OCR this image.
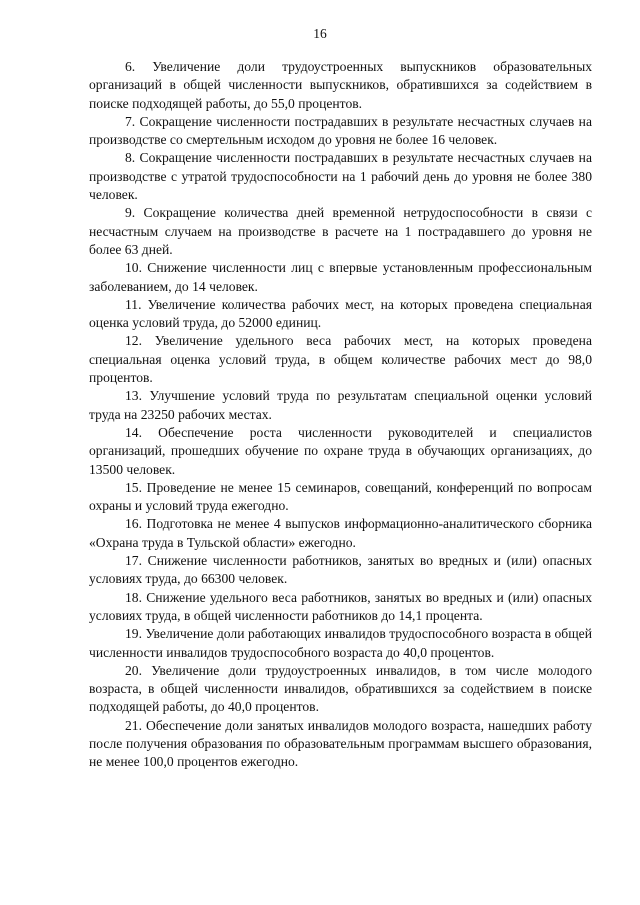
16

6. Увеличение доли трудоустроенных выпускников образовательных организаций в общей численности выпускников, обратившихся за содействием в поиске подходящей работы, до 55,0 процентов.

7. Сокращение численности пострадавших в результате несчастных случаев на производстве со смертельным исходом до уровня не более 16 человек.

8. Сокращение численности пострадавших в результате несчастных случаев на производстве с утратой трудоспособности на 1 рабочий день до уровня не более 380 человек.

9. Сокращение количества дней временной нетрудоспособности в связи с несчастным случаем на производстве в расчете на 1 пострадавшего до уровня не более 63 дней.

10. Снижение численности лиц с впервые установленным профессиональным заболеванием, до 14 человек.

11. Увеличение количества рабочих мест, на которых проведена специальная оценка условий труда, до 52000 единиц.

12. Увеличение удельного веса рабочих мест, на которых проведена специальная оценка условий труда, в общем количестве рабочих мест до 98,0 процентов.

13. Улучшение условий труда по результатам специальной оценки условий труда на 23250 рабочих местах.

14. Обеспечение роста численности руководителей и специалистов организаций, прошедших обучение по охране труда в обучающих организациях, до 13500 человек.

15. Проведение не менее 15 семинаров, совещаний, конференций по вопросам охраны и условий труда ежегодно.

16. Подготовка не менее 4 выпусков информационно-аналитического сборника «Охрана труда в Тульской области» ежегодно.

17. Снижение численности работников, занятых во вредных и (или) опасных условиях труда, до 66300 человек.

18. Снижение удельного веса работников, занятых во вредных и (или) опасных условиях труда, в общей численности работников до 14,1 процента.

19. Увеличение доли работающих инвалидов трудоспособного возраста в общей численности инвалидов трудоспособного возраста до 40,0 процентов.

20. Увеличение доли трудоустроенных инвалидов, в том числе молодого возраста, в общей численности инвалидов, обратившихся за содействием в поиске подходящей работы, до 40,0 процентов.

21. Обеспечение доли занятых инвалидов молодого возраста, нашедших работу после получения образования по образовательным программам высшего образования, не менее 100,0 процентов ежегодно.
